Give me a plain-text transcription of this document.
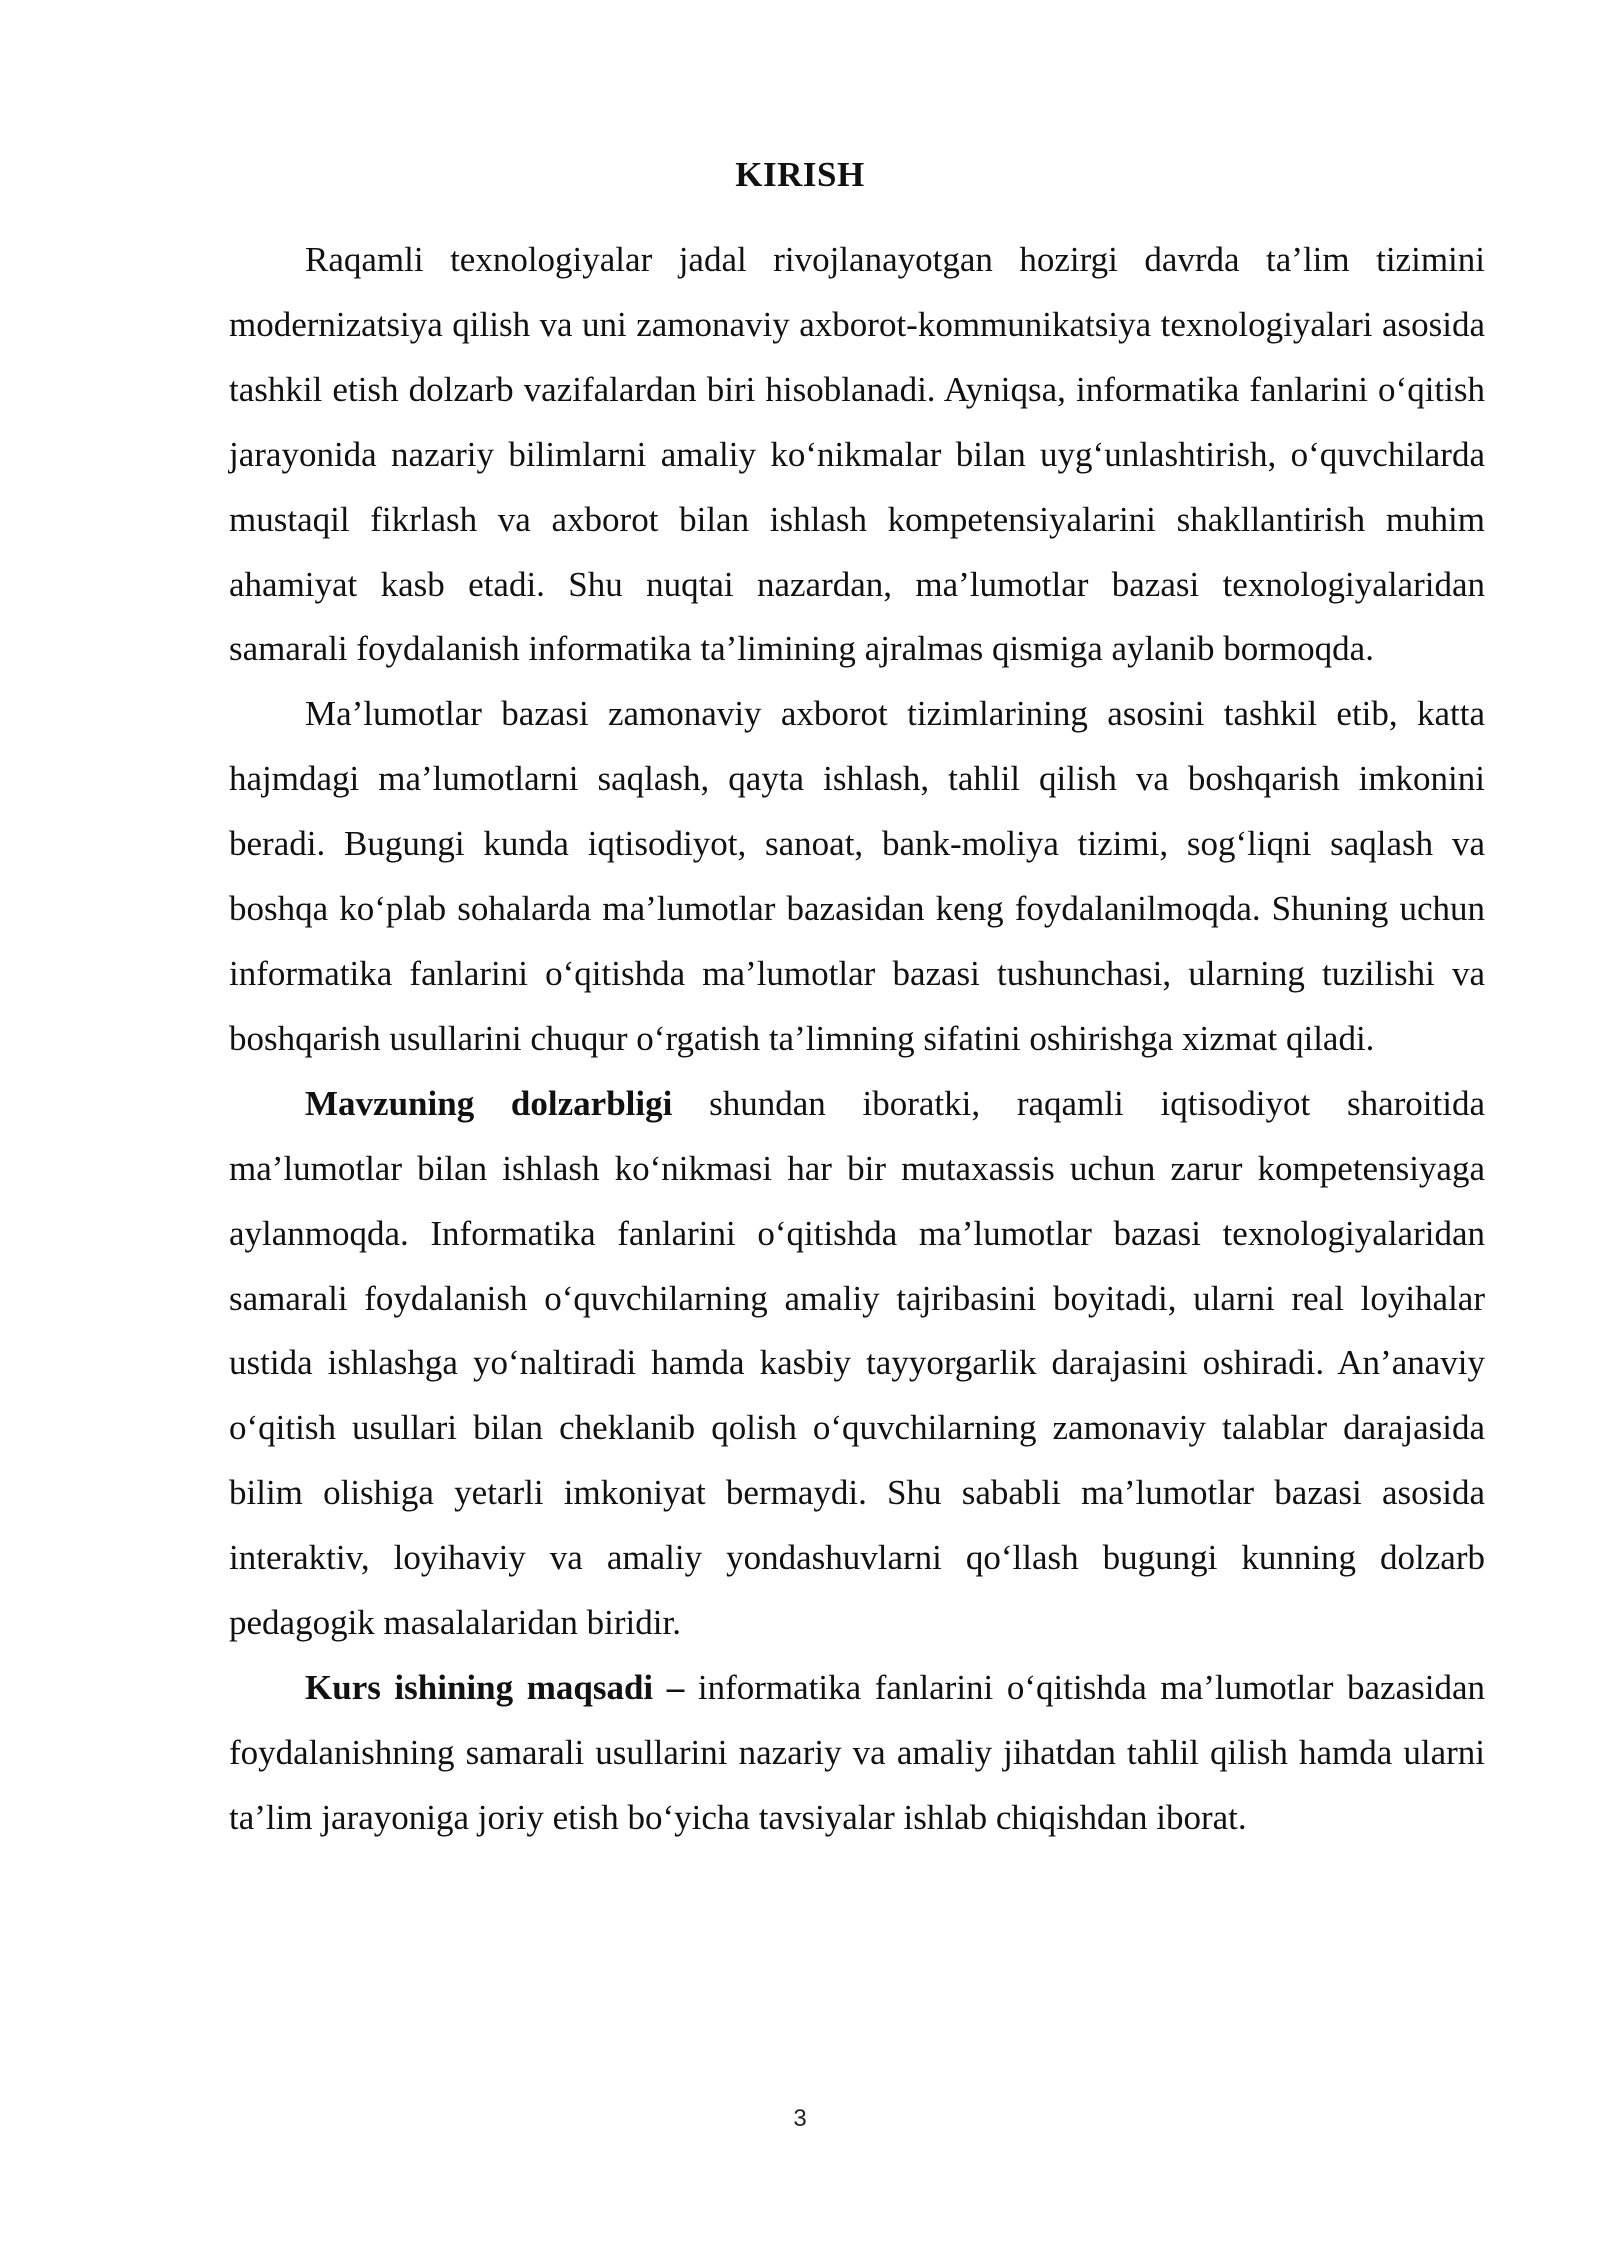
KIRISH

Raqamli texnologiyalar jadal rivojlanayotgan hozirgi davrda ta’lim tizimini modernizatsiya qilish va uni zamonaviy axborot-kommunikatsiya texnologiyalari asosida tashkil etish dolzarb vazifalardan biri hisoblanadi. Ayniqsa, informatika fanlarini o‘qitish jarayonida nazariy bilimlarni amaliy ko‘nikmalar bilan uyg‘unlashtirish, o‘quvchilarda mustaqil fikrlash va axborot bilan ishlash kompetensiyalarini shakllantirish muhim ahamiyat kasb etadi. Shu nuqtai nazardan, ma’lumotlar bazasi texnologiyalaridan samarali foydalanish informatika ta’limining ajralmas qismiga aylanib bormoqda.

Ma’lumotlar bazasi zamonaviy axborot tizimlarining asosini tashkil etib, katta hajmdagi ma’lumotlarni saqlash, qayta ishlash, tahlil qilish va boshqarish imkonini beradi. Bugungi kunda iqtisodiyot, sanoat, bank-moliya tizimi, sog‘liqni saqlash va boshqa ko‘plab sohalarda ma’lumotlar bazasidan keng foydalanilmoqda. Shuning uchun informatika fanlarini o‘qitishda ma’lumotlar bazasi tushunchasi, ularning tuzilishi va boshqarish usullarini chuqur o‘rgatish ta’limning sifatini oshirishga xizmat qiladi.

Mavzuning dolzarbligi shundan iboratki, raqamli iqtisodiyot sharoitida ma’lumotlar bilan ishlash ko‘nikmasi har bir mutaxassis uchun zarur kompetensiyaga aylanmoqda. Informatika fanlarini o‘qitishda ma’lumotlar bazasi texnologiyalaridan samarali foydalanish o‘quvchilarning amaliy tajribasini boyitadi, ularni real loyihalar ustida ishlashga yo‘naltiradi hamda kasbiy tayyorgarlik darajasini oshiradi. An’anaviy o‘qitish usullari bilan cheklanib qolish o‘quvchilarning zamonaviy talablar darajasida bilim olishiga yetarli imkoniyat bermaydi. Shu sababli ma’lumotlar bazasi asosida interaktiv, loyihaviy va amaliy yondashuvlarni qo‘llash bugungi kunning dolzarb pedagogik masalalaridan biridir.

Kurs ishining maqsadi – informatika fanlarini o‘qitishda ma’lumotlar bazasidan foydalanishning samarali usullarini nazariy va amaliy jihatdan tahlil qilish hamda ularni ta’lim jarayoniga joriy etish bo‘yicha tavsiyalar ishlab chiqishdan iborat.

3
